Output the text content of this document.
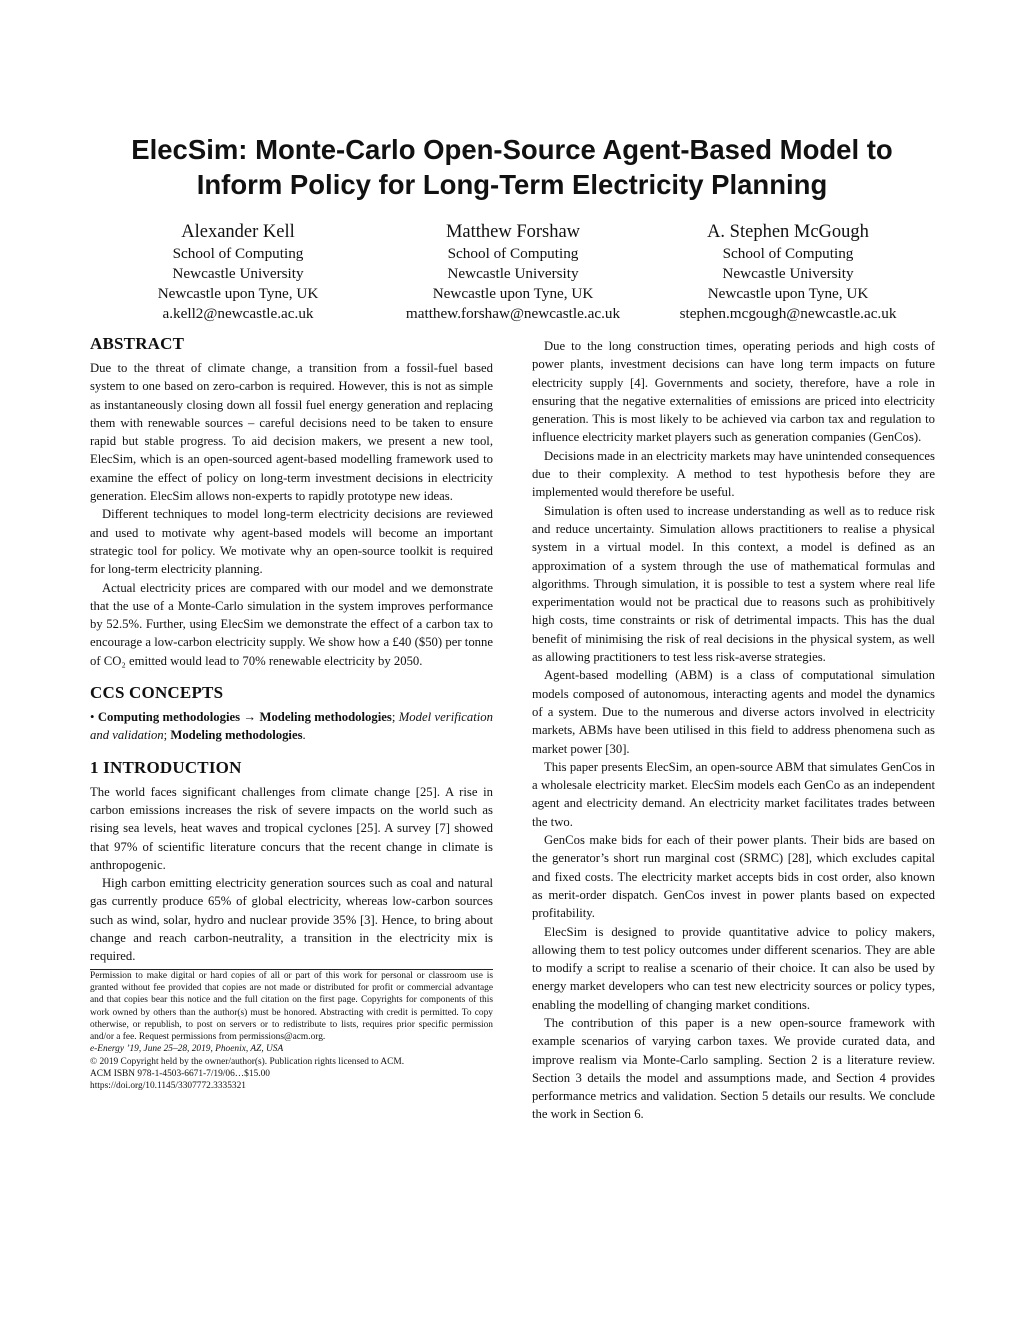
ElecSim: Monte-Carlo Open-Source Agent-Based Model to
Inform Policy for Long-Term Electricity Planning
Alexander Kell
School of Computing
Newcastle University
Newcastle upon Tyne, UK
a.kell2@newcastle.ac.uk
Matthew Forshaw
School of Computing
Newcastle University
Newcastle upon Tyne, UK
matthew.forshaw@newcastle.ac.uk
A. Stephen McGough
School of Computing
Newcastle University
Newcastle upon Tyne, UK
stephen.mcgough@newcastle.ac.uk
ABSTRACT

Due to the threat of climate change, a transition from a fossil-fuel based system to one based on zero-carbon is required. However, this is not as simple as instantaneously closing down all fossil fuel energy generation and replacing them with renewable sources – careful decisions need to be taken to ensure rapid but stable progress. To aid decision makers, we present a new tool, ElecSim, which is an open-sourced agent-based modelling framework used to examine the effect of policy on long-term investment decisions in electricity generation. ElecSim allows non-experts to rapidly prototype new ideas.

Different techniques to model long-term electricity decisions are reviewed and used to motivate why agent-based models will become an important strategic tool for policy. We motivate why an open-source toolkit is required for long-term electricity planning.

Actual electricity prices are compared with our model and we demonstrate that the use of a Monte-Carlo simulation in the system improves performance by 52.5%. Further, using ElecSim we demonstrate the effect of a carbon tax to encourage a low-carbon electricity supply. We show how a £40 ($50) per tonne of CO₂ emitted would lead to 70% renewable electricity by 2050.

CCS CONCEPTS

• Computing methodologies → Modeling methodologies; Model verification and validation; Modeling methodologies.

1 INTRODUCTION

The world faces significant challenges from climate change [25]. A rise in carbon emissions increases the risk of severe impacts on the world such as rising sea levels, heat waves and tropical cyclones [25]. A survey [7] showed that 97% of scientific literature concurs that the recent change in climate is anthropogenic.

High carbon emitting electricity generation sources such as coal and natural gas currently produce 65% of global electricity, whereas low-carbon sources such as wind, solar, hydro and nuclear provide 35% [3]. Hence, to bring about change and reach carbon-neutrality, a transition in the electricity mix is required.

Permission to make digital or hard copies of all or part of this work for personal or classroom use is granted without fee provided that copies are not made or distributed for profit or commercial advantage and that copies bear this notice and the full citation on the first page. Copyrights for components of this work owned by others than the author(s) must be honored. Abstracting with credit is permitted. To copy otherwise, or republish, to post on servers or to redistribute to lists, requires prior specific permission and/or a fee. Request permissions from permissions@acm.org.

e-Energy ’19, June 25–28, 2019, Phoenix, AZ, USA

© 2019 Copyright held by the owner/author(s). Publication rights licensed to ACM.

ACM ISBN 978-1-4503-6671-7/19/06…$15.00

https://doi.org/10.1145/3307772.3335321

Due to the long construction times, operating periods and high costs of power plants, investment decisions can have long term impacts on future electricity supply [4]. Governments and society, therefore, have a role in ensuring that the negative externalities of emissions are priced into electricity generation. This is most likely to be achieved via carbon tax and regulation to influence electricity market players such as generation companies (GenCos).

Decisions made in an electricity markets may have unintended consequences due to their complexity. A method to test hypothesis before they are implemented would therefore be useful.

Simulation is often used to increase understanding as well as to reduce risk and reduce uncertainty. Simulation allows practitioners to realise a physical system in a virtual model. In this context, a model is defined as an approximation of a system through the use of mathematical formulas and algorithms. Through simulation, it is possible to test a system where real life experimentation would not be practical due to reasons such as prohibitively high costs, time constraints or risk of detrimental impacts. This has the dual benefit of minimising the risk of real decisions in the physical system, as well as allowing practitioners to test less risk-averse strategies.

Agent-based modelling (ABM) is a class of computational simulation models composed of autonomous, interacting agents and model the dynamics of a system. Due to the numerous and diverse actors involved in electricity markets, ABMs have been utilised in this field to address phenomena such as market power [30].

This paper presents ElecSim, an open-source ABM that simulates GenCos in a wholesale electricity market. ElecSim models each GenCo as an independent agent and electricity demand. An electricity market facilitates trades between the two.

GenCos make bids for each of their power plants. Their bids are based on the generator’s short run marginal cost (SRMC) [28], which excludes capital and fixed costs. The electricity market accepts bids in cost order, also known as merit-order dispatch. GenCos invest in power plants based on expected profitability.

ElecSim is designed to provide quantitative advice to policy makers, allowing them to test policy outcomes under different scenarios. They are able to modify a script to realise a scenario of their choice. It can also be used by energy market developers who can test new electricity sources or policy types, enabling the modelling of changing market conditions.

The contribution of this paper is a new open-source framework with example scenarios of varying carbon taxes. We provide curated data, and improve realism via Monte-Carlo sampling. Section 2 is a literature review. Section 3 details the model and assumptions made, and Section 4 provides performance metrics and validation. Section 5 details our results. We conclude the work in Section 6.
